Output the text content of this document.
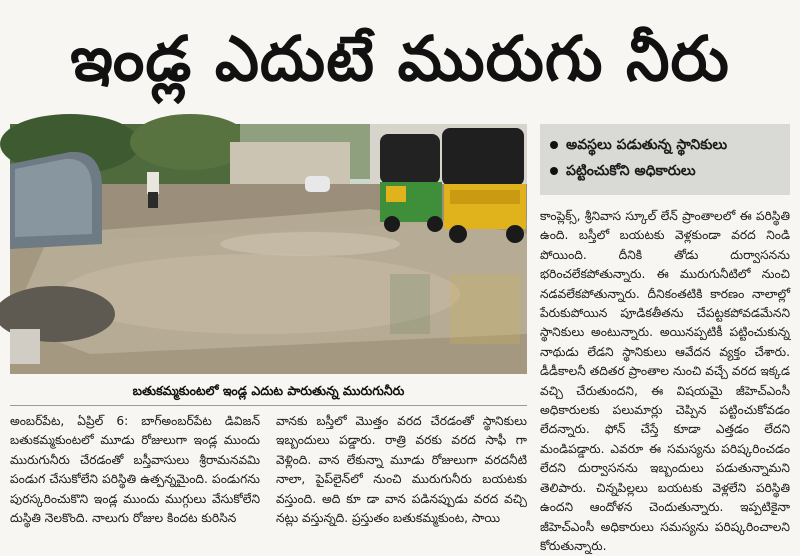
ఇండ్ల ఎదుటే మురుగు నీరు
బతుకమ్మకుంటలో ఇండ్ల ఎదుట పారుతున్న మురుగునీరు
అవస్థలు పడుతున్న స్థానికులు
పట్టించుకోని అధికారులు

అంబర్‌పేట, ఏప్రిల్ 6: బాగ్అంబర్‌పేట డివిజన్ బతుకమ్మకుంటలో మూడు రోజులుగా ఇండ్ల ముందు మురుగునీరు చేరడంతో బస్తీవాసులు శ్రీరామనవమి పండుగ చేసుకోలేని పరిస్థితి ఉత్పన్నమైంది. పండుగను పురస్కరించుకొని ఇండ్ల ముందు ముగ్గులు వేసుకోలేని దుస్థితి నెలకొంది. నాలుగు రోజుల కిందట కురిసిన

వానకు బస్తీలో మొత్తం వరద చేరడంతో స్థానికులు ఇబ్బందులు పడ్డారు. రాత్రి వరకు వరద సాఫీ గా వెళ్లింది. వాన లేకున్నా మూడు రోజులుగా వరదనీటి నాలా, పైప్‌లైన్‌లో నుంచి మురుగునీరు బయటకు వస్తుంది. అది కూ డా వాన పడినప్పుడు వరద వచ్చి నట్లు వస్తున్నది. ప్రస్తుతం బతుకమ్మకుంట, సాయి

కాంప్లెక్స్, శ్రీనివాస స్కూల్ లేన్ ప్రాంతాలలో ఈ పరిస్థితి ఉంది. బస్తీలో బయటకు వెళ్లకుండా వరద నిండి పోయింది. దీనికి తోడు దుర్వాసనను భరించలేకపోతున్నారు. ఈ మురుగునీటిలో నుంచి నడవలేకపోతున్నారు. దీనికంతటికి కారణం నాలాల్లో పేరుకుపోయిన పూడికతీతను చేపట్టకపోవడమేనని స్థానికులు అంటున్నారు. అయినప్పటికీ పట్టించుకున్న నాథుడు లేడని స్థానికులు ఆవేదన వ్యక్తం చేశారు. డీడీకాలనీ తదితర ప్రాంతాల నుంచి వచ్చే వరద ఇక్కడ వచ్చి చేరుతుందని, ఈ విషయమై జీహెచ్‌ఎంసీ అధికారులకు పలుమార్లు చెప్పిన పట్టించుకోవడం లేదన్నారు. ఫోన్ చేస్తే కూడా ఎత్తడం లేదని మండిపడ్డారు. ఎవరూ ఈ సమస్యను పరిష్కరించడం లేదని దుర్వాసనను ఇబ్బందులు పడుతున్నామని తెలిపారు. చిన్నపిల్లలు బయటకు వెళ్లలేని పరిస్థితి ఉందని ఆందోళన చెందుతున్నారు. ఇప్పటికైనా జీహెచ్‌ఎంసీ అధికారులు సమస్యను పరిష్కరించాలని కోరుతున్నారు.
